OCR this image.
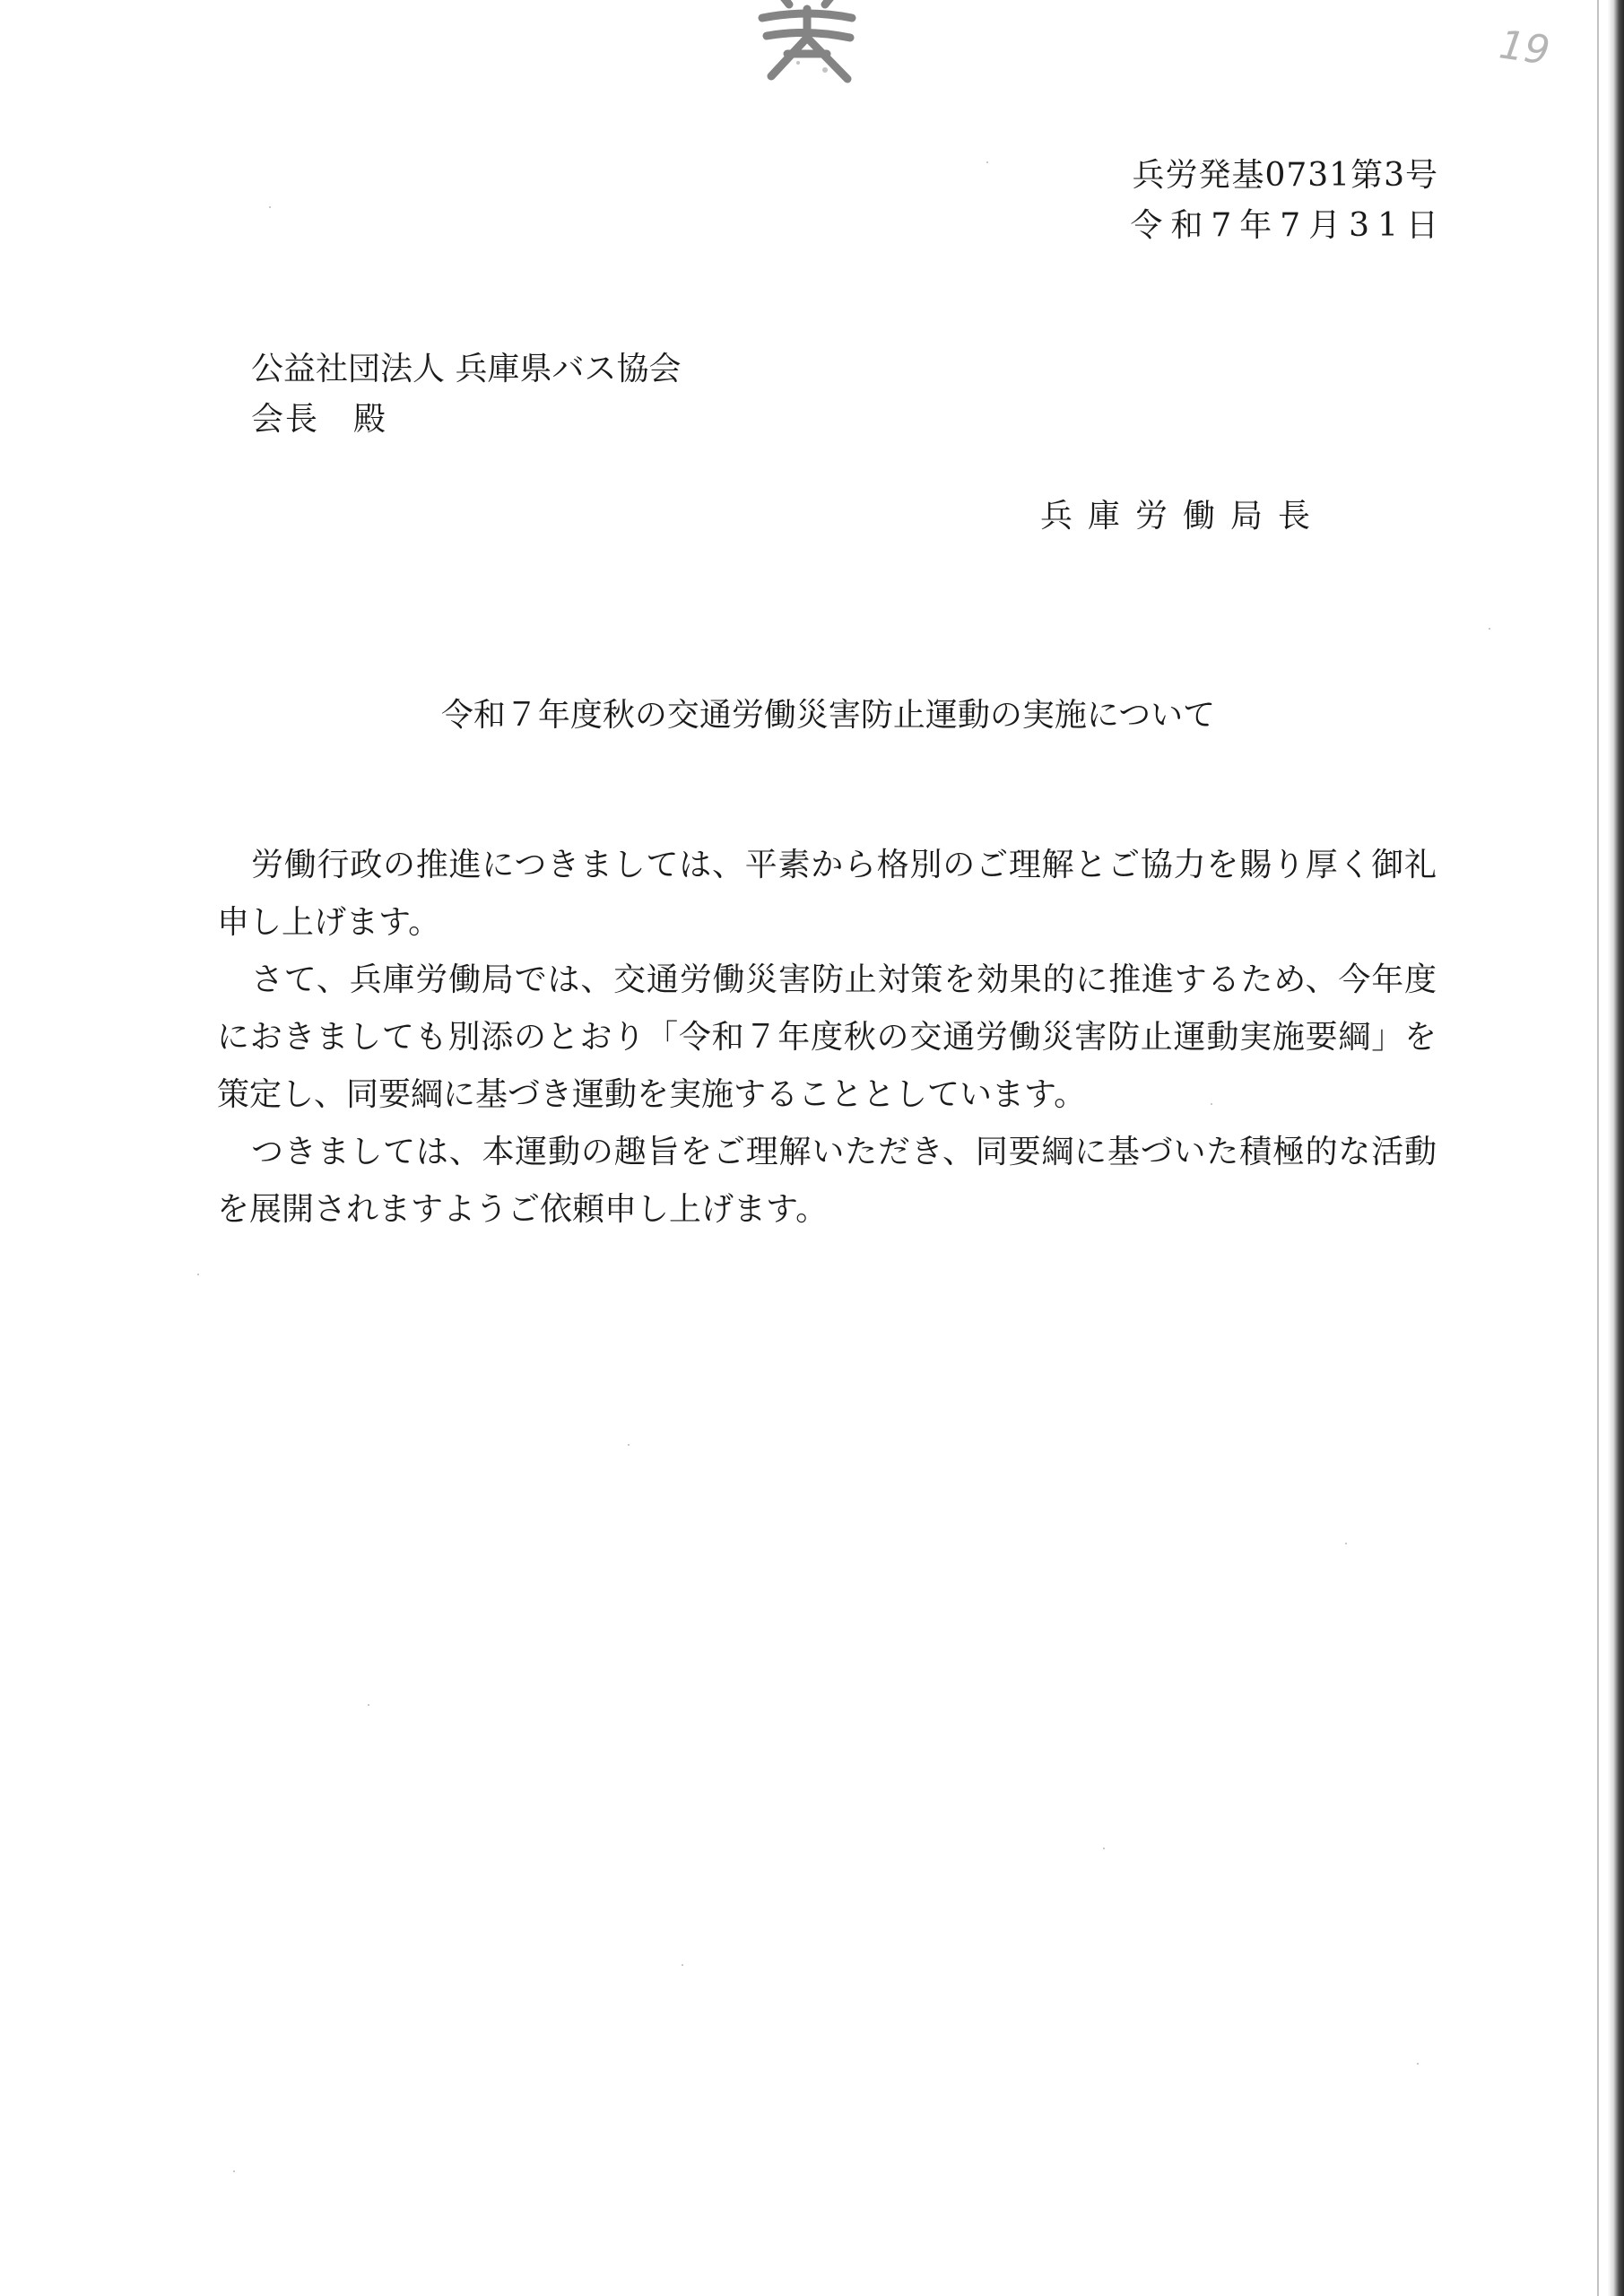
19
兵労発基0731第3号
令和7年7月31日
公益社団法人 兵庫県バス協会
会長　殿
兵庫労働局長
令和７年度秋の交通労働災害防止運動の実施について

労働行政の推進につきましては、平素から格別のご理解とご協力を賜り厚く御礼申し上げます。

さて、兵庫労働局では、交通労働災害防止対策を効果的に推進するため、今年度におきましても別添のとおり「令和７年度秋の交通労働災害防止運動実施要綱」を策定し、同要綱に基づき運動を実施することとしています。

つきましては、本運動の趣旨をご理解いただき、同要綱に基づいた積極的な活動を展開されますようご依頼申し上げます。
